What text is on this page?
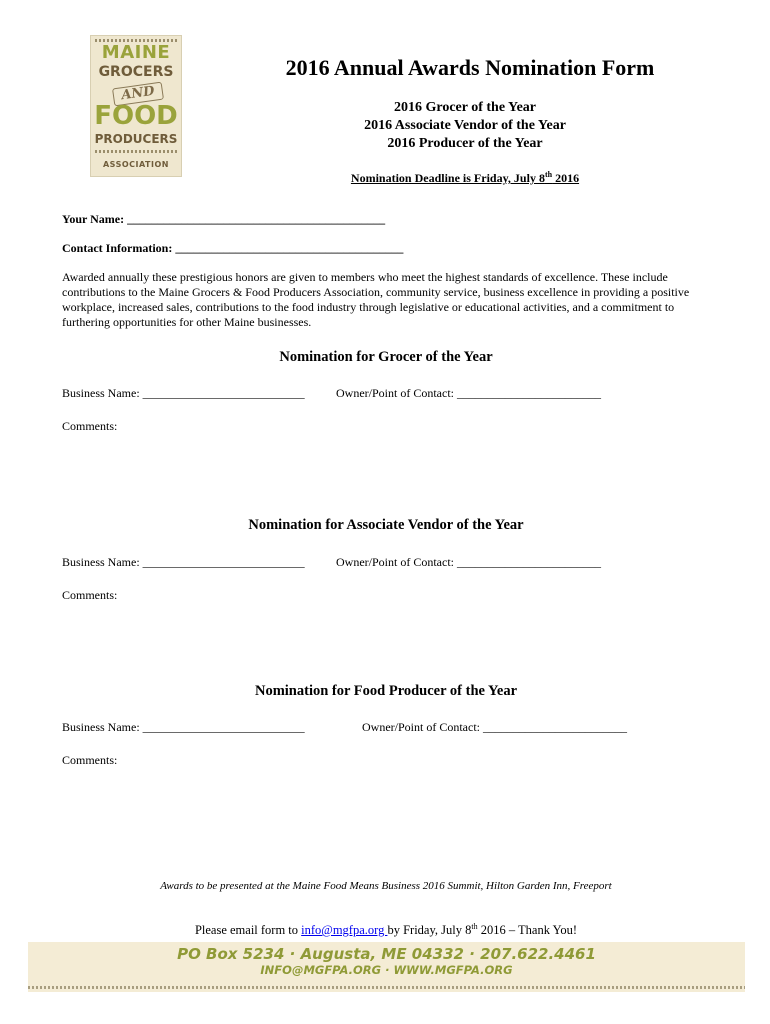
MAINE
GROCERS
AND
FOOD
PRODUCERS
ASSOCIATION
2016 Annual Awards Nomination Form
2016 Grocer of the Year
2016 Associate Vendor of the Year
2016 Producer of the Year
Nomination Deadline is Friday, July 8th 2016
Your Name: ___________________________________________
Contact Information: ______________________________________
Awarded annually these prestigious honors are given to members who meet the highest standards of excellence. These include contributions to the Maine Grocers & Food Producers Association, community service, business excellence in providing a positive workplace, increased sales, contributions to the food industry through legislative or educational activities, and a commitment to furthering opportunities for other Maine businesses.
Nomination for Grocer of the Year
Business Name: ___________________________	Owner/Point of Contact: ________________________
Comments:
Nomination for Associate Vendor of the Year
Business Name: ___________________________	Owner/Point of Contact: ________________________
Comments:
Nomination for Food Producer of the Year
Business Name: ___________________________	Owner/Point of Contact: ________________________
Comments:
Awards to be presented at the Maine Food Means Business 2016 Summit, Hilton Garden Inn, Freeport
Please email form to info@mgfpa.org by Friday, July 8th 2016 – Thank You!
PO Box 5234 · Augusta, ME 04332 · 207.622.4461
INFO@MGFPA.ORG · WWW.MGFPA.ORG
